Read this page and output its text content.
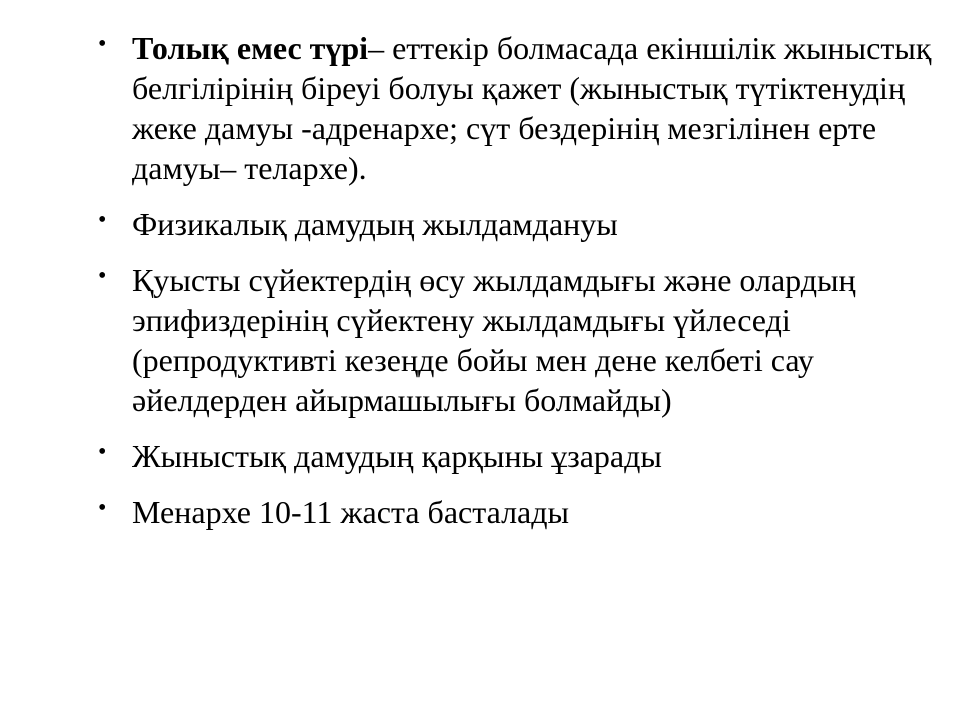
• Толық емес түрі– еттекір болмасада екіншілік жыныстық белгілірінің біреуі болуы қажет (жыныстық түтіктенудің жеке дамуы -адренархе; сүт бездерінің мезгілінен ерте дамуы– телархе).
• Физикалық дамудың жылдамдануы
• Қуысты сүйектердің өсу жылдамдығы және олардың эпифиздерінің сүйектену жылдамдығы үйлеседі (репродуктивті кезеңде бойы мен дене келбеті сау әйелдерден айырмашылығы болмайды)
• Жыныстық дамудың қарқыны ұзарады
• Менархе 10-11 жаста басталады
